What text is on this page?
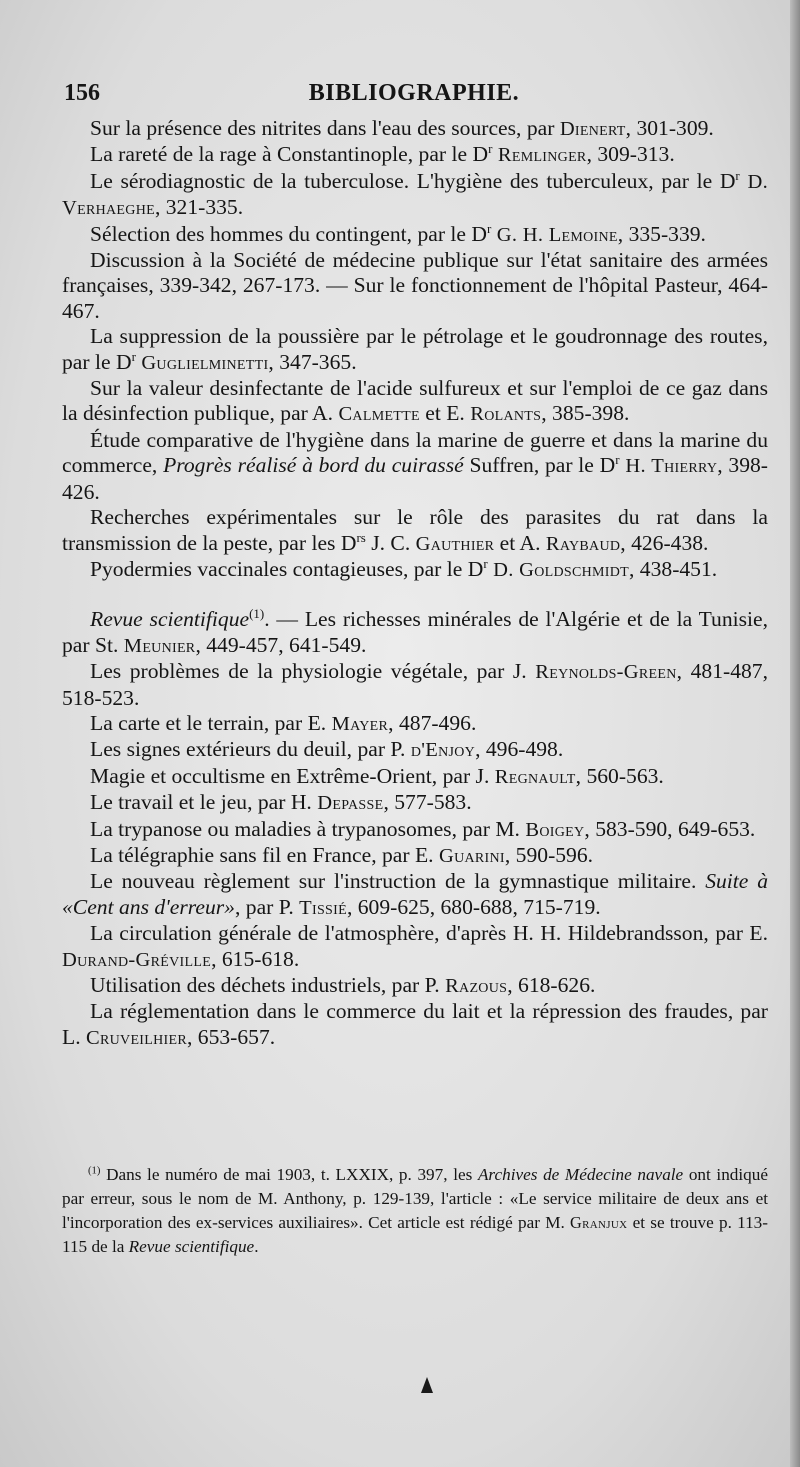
156	BIBLIOGRAPHIE.

Sur la présence des nitrites dans l'eau des sources, par Dienert, 301-309.

La rareté de la rage à Constantinople, par le $D^r$ Remlinger, 309-313.

Le sérodiagnostic de la tuberculose. L'hygiène des tuberculeux, par le $D^r$ D. Verhaeghe, 321-335.

Sélection des hommes du contingent, par le $D^r$ G. H. Lemoine, 335-339.

Discussion à la Société de médecine publique sur l'état sanitaire des armées françaises, 339-342, 267-173. — Sur le fonctionnement de l'hôpital Pasteur, 464-467.

La suppression de la poussière par le pétrolage et le goudronnage des routes, par le $D^r$ Guglielminetti, 347-365.

Sur la valeur desinfectante de l'acide sulfureux et sur l'emploi de ce gaz dans la désinfection publique, par A. Calmette et E. Rolants, 385-398.

Étude comparative de l'hygiène dans la marine de guerre et dans la marine du commerce, Progrès réalisé à bord du cuirassé Suffren, par le $D^r$ H. Thierry, 398-426.

Recherches expérimentales sur le rôle des parasites du rat dans la transmission de la peste, par les $D^{rs}$ J. C. Gauthier et A. Raybaud, 426-438.

Pyodermies vaccinales contagieuses, par le $D^r$ D. Goldschmidt, 438-451.

Revue scientifique$^{(1)}$. — Les richesses minérales de l'Algérie et de la Tunisie, par St. Meunier, 449-457, 641-549.

Les problèmes de la physiologie végétale, par J. Reynolds-Green, 481-487, 518-523.

La carte et le terrain, par E. Mayer, 487-496.

Les signes extérieurs du deuil, par P. d'Enjoy, 496-498.

Magie et occultisme en Extrême-Orient, par J. Regnault, 560-563.

Le travail et le jeu, par H. Depasse, 577-583.

La trypanose ou maladies à trypanosomes, par M. Boigey, 583-590, 649-653.

La télégraphie sans fil en France, par E. Guarini, 590-596.

Le nouveau règlement sur l'instruction de la gymnastique militaire. Suite à «Cent ans d'erreur», par P. Tissié, 609-625, 680-688, 715-719.

La circulation générale de l'atmosphère, d'après H. H. Hildebrandsson, par E. Durand-Gréville, 615-618.

Utilisation des déchets industriels, par P. Razous, 618-626.

La réglementation dans le commerce du lait et la répression des fraudes, par L. Cruveilhier, 653-657.

$^{(1)}$ Dans le numéro de mai 1903, t. LXXIX, p. 397, les Archives de Médecine navale ont indiqué par erreur, sous le nom de M. Anthony, p. 129-139, l'article : «Le service militaire de deux ans et l'incorporation des ex-services auxiliaires». Cet article est rédigé par M. Granjux et se trouve p. 113-115 de la Revue scientifique.
